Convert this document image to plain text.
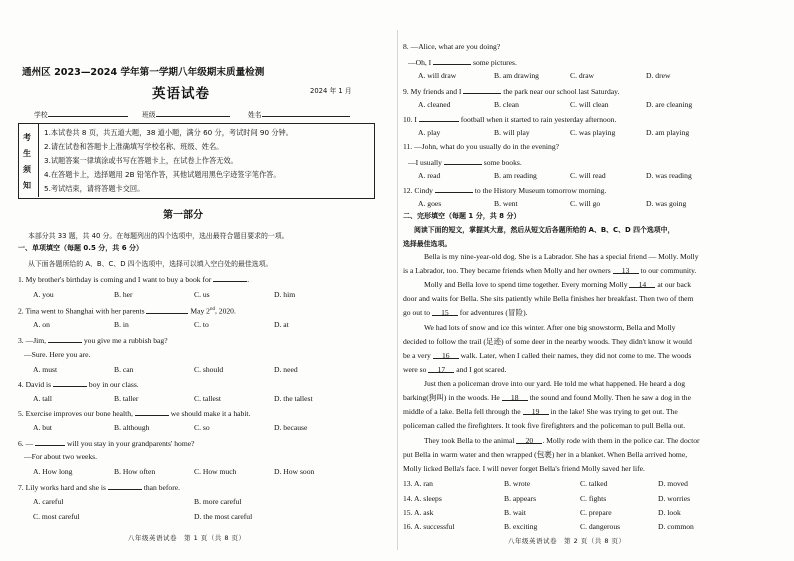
通州区 2023—2024 学年第一学期八年级期末质量检测
英语试卷	2024 年 1 月
学校	班级	姓名
考
生
须
知
1.本试卷共 8 页，共五道大题，38 道小题，满分 60 分，考试时间 90 分钟。
2.请在试卷和答题卡上准确填写学校名称、班级、姓名。
3.试题答案一律填涂或书写在答题卡上，在试卷上作答无效。
4.在答题卡上，选择题用 2B 铅笔作答，其他试题用黑色字迹签字笔作答。
5.考试结束，请将答题卡交回。
第一部分
本部分共 33 题，共 40 分。在每题列出的四个选项中，选出最符合题目要求的一项。
一、单项填空（每题 0.5 分，共 6 分）
从下面各题所给的 A、B、C、D 四个选项中，选择可以填入空白处的最佳选项。
1. My brother's birthday is coming and I want to buy a book for	.
A. you	B. her	C. us	D. him
2. Tina went to Shanghai with her parents	May 2nd, 2020.
A. on	B. in	C. to	D. at
3. —Jim,	you give me a rubbish bag?
—Sure. Here you are.
A. must	B. can	C. should	D. need
4. David is	boy in our class.
A. tall	B. taller	C. tallest	D. the tallest
5. Exercise improves our bone health,	we should make it a habit.
A. but	B. although	C. so	D. because
6. —	will you stay in your grandparents' home?
—For about two weeks.
A. How long	B. How often	C. How much	D. How soon
7. Lily works hard and she is	than before.
A. careful	B. more careful
C. most careful	D. the most careful
八年级英语试卷　第 1 页（共 8 页）
8. —Alice, what are you doing?
—Oh, I	some pictures.
A. will draw	B. am drawing	C. draw	D. drew
9. My friends and I	the park near our school last Saturday.
A. cleaned	B. clean	C. will clean	D. are cleaning
10. I	football when it started to rain yesterday afternoon.
A. play	B. will play	C. was playing	D. am playing
11. —John, what do you usually do in the evening?
—I usually	some books.
A. read	B. am reading	C. will read	D. was reading
12. Cindy	to the History Museum tomorrow morning.
A. goes	B. went	C. will go	D. was going
二、完形填空（每题 1 分，共 8 分）
阅读下面的短文，掌握其大意，然后从短文后各题所给的 A、B、C、D 四个选项中，
选择最佳选项。
Bella is my nine-year-old dog. She is a Labrador. She has a special friend — Molly. Molly
is a Labrador, too. They became friends when Molly and her owners 13 to our community.
Molly and Bella love to spend time together. Every morning Molly 14 at our back
door and waits for Bella. She sits patiently while Bella finishes her breakfast. Then two of them
go out to 15 for adventures (冒险).
We had lots of snow and ice this winter. After one big snowstorm, Bella and Molly
decided to follow the trail (足迹) of some deer in the nearby woods. They didn't know it would
be a very 16 walk. Later, when I called their names, they did not come to me. The woods
were so 17 and I got scared.
Just then a policeman drove into our yard. He told me what happened. He heard a dog
barking(狗叫) in the woods. He 18 the sound and found Molly. Then he saw a dog in the
middle of a lake. Bella fell through the 19 in the lake! She was trying to get out. The
policeman called the firefighters. It took five firefighters and the policeman to pull Bella out.
They took Bella to the animal 20 . Molly rode with them in the police car. The doctor
put Bella in warm water and then wrapped (包裹) her in a blanket. When Bella arrived home,
Molly licked Bella's face. I will never forget Bella's friend Molly saved her life.
13. A. ran	B. wrote	C. talked	D. moved
14. A. sleeps	B. appears	C. fights	D. worries
15. A. ask	B. wait	C. prepare	D. look
16. A. successful	B. exciting	C. dangerous	D. common
八年级英语试卷　第 2 页（共 8 页）
